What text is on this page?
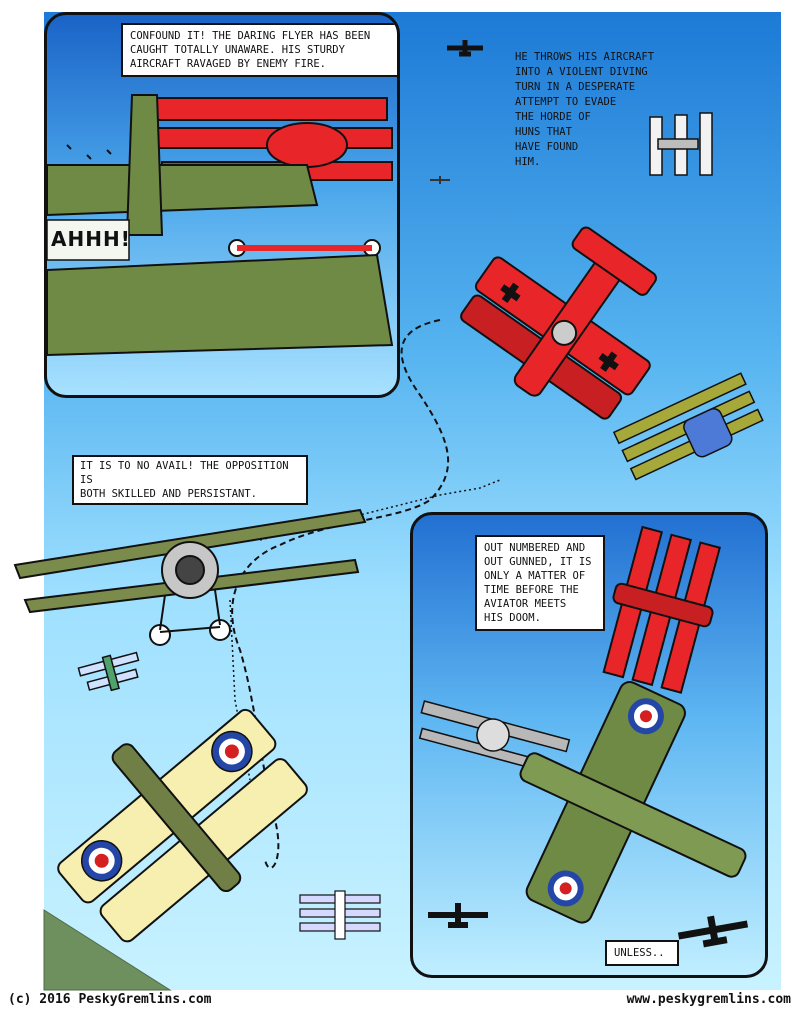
CONFOUND IT! THE DARING FLYER HAS BEEN
CAUGHT TOTALLY UNAWARE. HIS STURDY
AIRCRAFT RAVAGED BY ENEMY FIRE.
AHHH!
HE THROWS HIS AIRCRAFT
INTO A VIOLENT DIVING
TURN IN A DESPERATE
ATTEMPT TO EVADE
THE HORDE OF
HUNS THAT
HAVE FOUND
HIM.
IT IS TO NO AVAIL! THE OPPOSITION IS
BOTH SKILLED AND PERSISTANT.
OUT NUMBERED AND
OUT GUNNED, IT IS
ONLY A MATTER OF
TIME BEFORE THE
AVIATOR MEETS
HIS DOOM.
UNLESS..
(c) 2016 PeskyGremlins.com	www.peskygremlins.com
